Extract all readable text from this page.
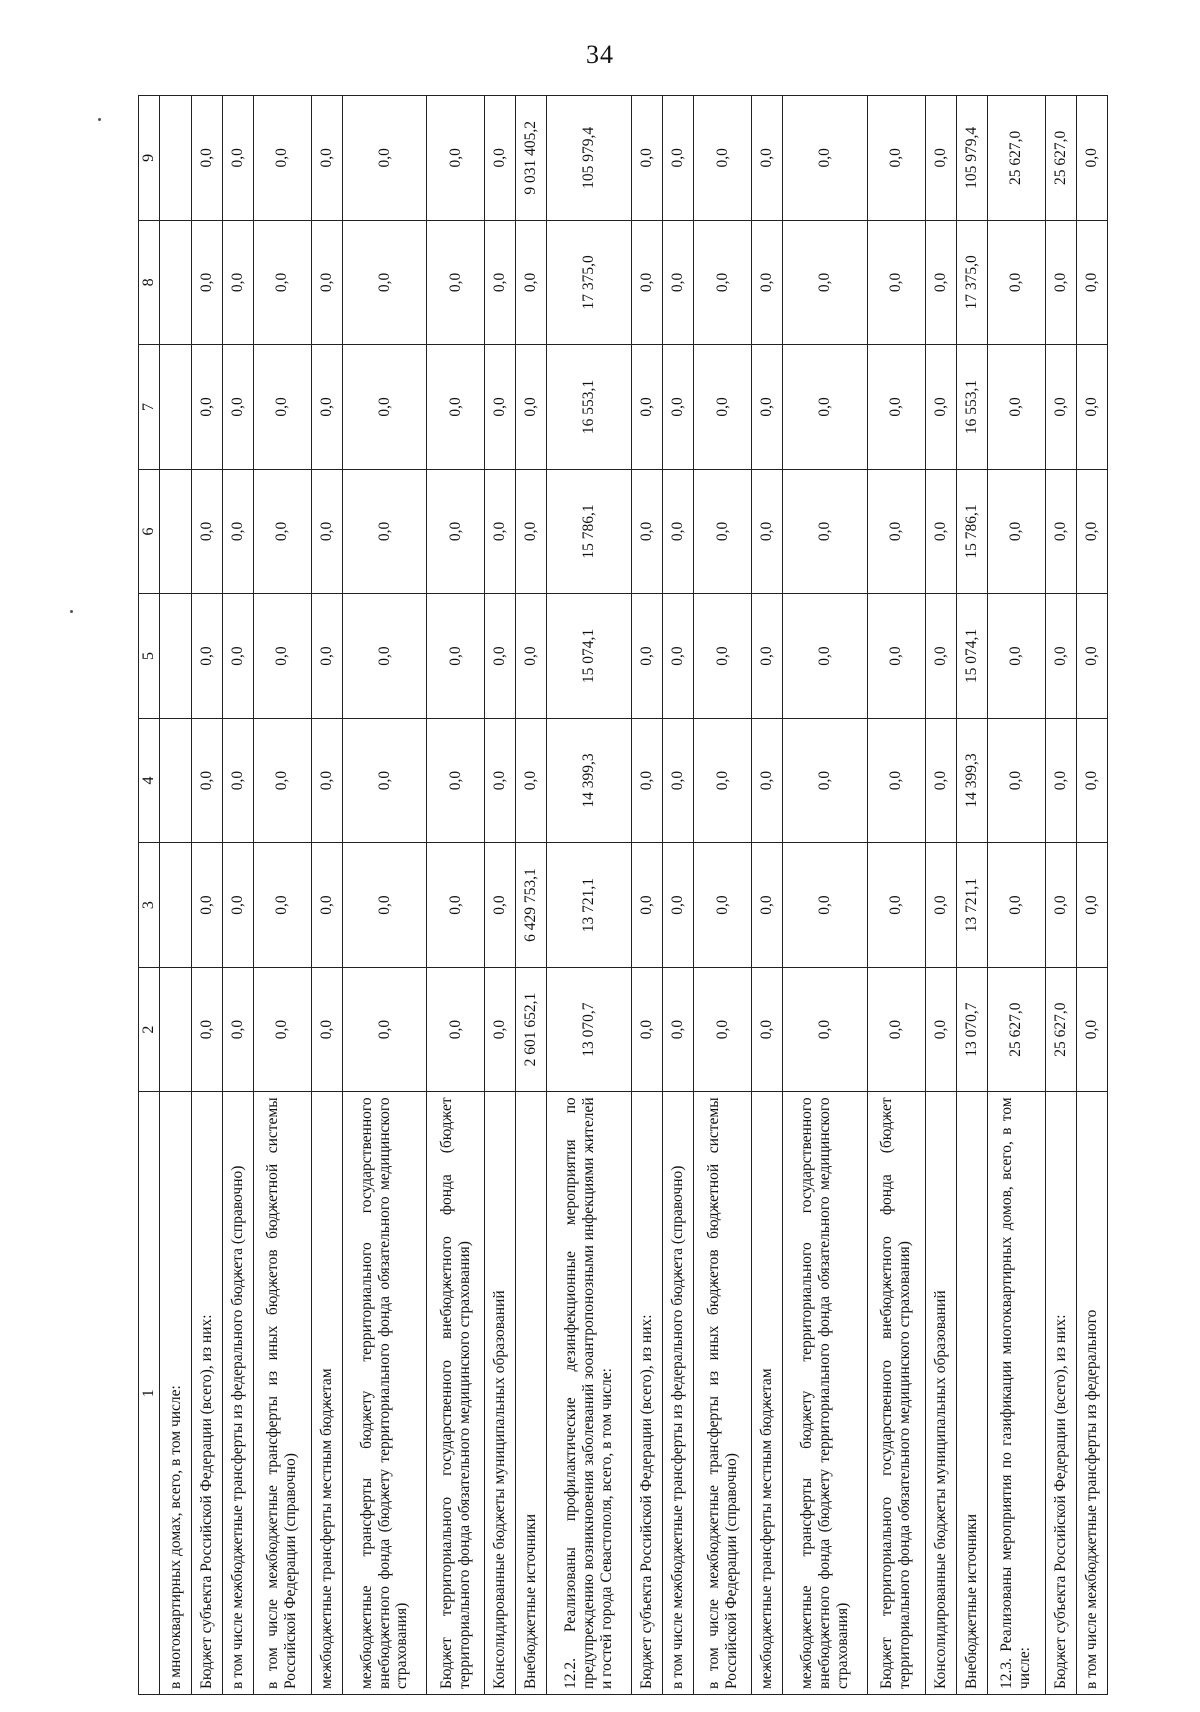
34
1	2	3	4	5	6	7	8	9
в многоквартирных домах, всего, в том числе:								
Бюджет субъекта Российской Федерации (всего), из них:	0,0	0,0	0,0	0,0	0,0	0,0	0,0	0,0
в том числе межбюджетные трансферты из федерального бюджета (справочно)	0,0	0,0	0,0	0,0	0,0	0,0	0,0	0,0
в том числе межбюджетные трансферты из иных бюджетов бюджетной системы Российской Федерации (справочно)	0,0	0,0	0,0	0,0	0,0	0,0	0,0	0,0
межбюджетные трансферты местным бюджетам	0,0	0,0	0,0	0,0	0,0	0,0	0,0	0,0
межбюджетные трансферты бюджету территориального государственного внебюджетного фонда (бюджету территориального фонда обязательного медицинского страхования)	0,0	0,0	0,0	0,0	0,0	0,0	0,0	0,0
Бюджет территориального государственного внебюджетного фонда (бюджет территориального фонда обязательного медицинского страхования)	0,0	0,0	0,0	0,0	0,0	0,0	0,0	0,0
Консолидированные бюджеты муниципальных образований	0,0	0,0	0,0	0,0	0,0	0,0	0,0	0,0
Внебюджетные источники	2 601 652,1	6 429 753,1	0,0	0,0	0,0	0,0	0,0	9 031 405,2
12.2. Реализованы профилактические дезинфекционные мероприятия по предупреждению возникновения заболеваний зооантропонозными инфекциями жителей и гостей города Севастополя, всего, в том числе:	13 070,7	13 721,1	14 399,3	15 074,1	15 786,1	16 553,1	17 375,0	105 979,4
Бюджет субъекта Российской Федерации (всего), из них:	0,0	0,0	0,0	0,0	0,0	0,0	0,0	0,0
в том числе межбюджетные трансферты из федерального бюджета (справочно)	0,0	0,0	0,0	0,0	0,0	0,0	0,0	0,0
в том числе межбюджетные трансферты из иных бюджетов бюджетной системы Российской Федерации (справочно)	0,0	0,0	0,0	0,0	0,0	0,0	0,0	0,0
межбюджетные трансферты местным бюджетам	0,0	0,0	0,0	0,0	0,0	0,0	0,0	0,0
межбюджетные трансферты бюджету территориального государственного внебюджетного фонда (бюджету территориального фонда обязательного медицинского страхования)	0,0	0,0	0,0	0,0	0,0	0,0	0,0	0,0
Бюджет территориального государственного внебюджетного фонда (бюджет территориального фонда обязательного медицинского страхования)	0,0	0,0	0,0	0,0	0,0	0,0	0,0	0,0
Консолидированные бюджеты муниципальных образований	0,0	0,0	0,0	0,0	0,0	0,0	0,0	0,0
Внебюджетные источники	13 070,7	13 721,1	14 399,3	15 074,1	15 786,1	16 553,1	17 375,0	105 979,4
12.3. Реализованы мероприятия по газификации многоквартирных домов, всего, в том числе:	25 627,0	0,0	0,0	0,0	0,0	0,0	0,0	25 627,0
Бюджет субъекта Российской Федерации (всего), из них:	25 627,0	0,0	0,0	0,0	0,0	0,0	0,0	25 627,0
в том числе межбюджетные трансферты из федерального	0,0	0,0	0,0	0,0	0,0	0,0	0,0	0,0
